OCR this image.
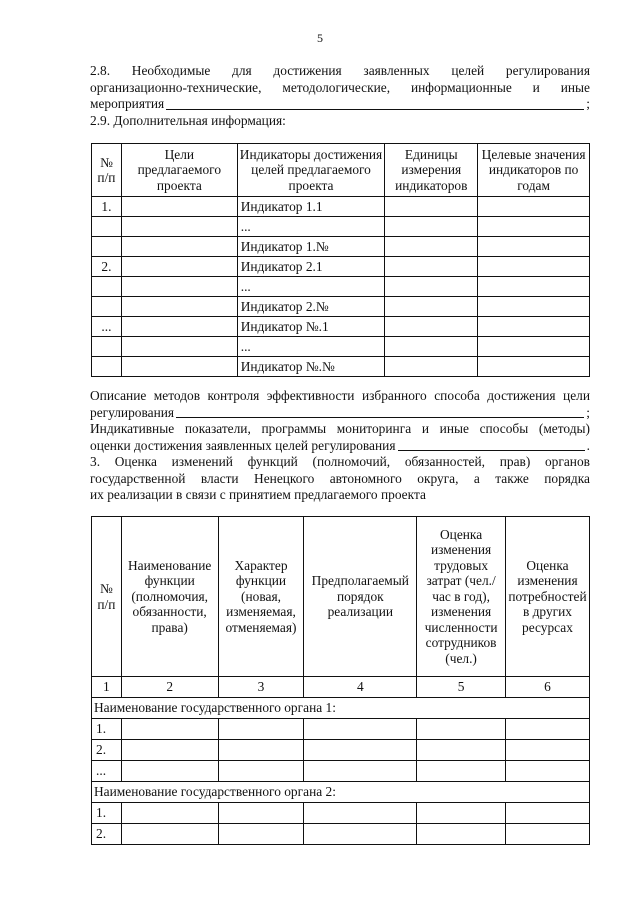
5
2.8. Необходимые для достижения заявленных целей регулирования
организационно-технические, методологические, информационные и иные
мероприятия	;
2.9. Дополнительная информация:
№ п/п	Цели предлагаемого проекта	Индикаторы достижения целей предлагаемого проекта	Единицы измерения индикаторов	Целевые значения индикаторов по годам
1.		Индикатор 1.1		
		...		
		Индикатор 1.№		
2.		Индикатор 2.1		
		...		
		Индикатор 2.№		
...		Индикатор №.1		
		...		
		Индикатор №.№		
Описание методов контроля эффективности избранного способа достижения цели
регулирования	;
Индикативные показатели, программы мониторинга и иные способы (методы)
оценки достижения заявленных целей регулирования	.
3. Оценка изменений функций (полномочий, обязанностей, прав) органов
государственной власти Ненецкого автономного округа, а также порядка
их реализации в связи с принятием предлагаемого проекта
№ п/п	Наименование функции (полномочия, обязанности, права)	Характер функции (новая, изменяемая, отменяемая)	Предполагаемый порядок реализации	Оценка изменения трудовых затрат (чел./час в год), изменения численности сотрудников (чел.)	Оценка изменения потребностей в других ресурсах
1	2	3	4	5	6
Наименование государственного органа 1:					
1.					
2.					
...					
Наименование государственного органа 2:					
1.					
2.					
